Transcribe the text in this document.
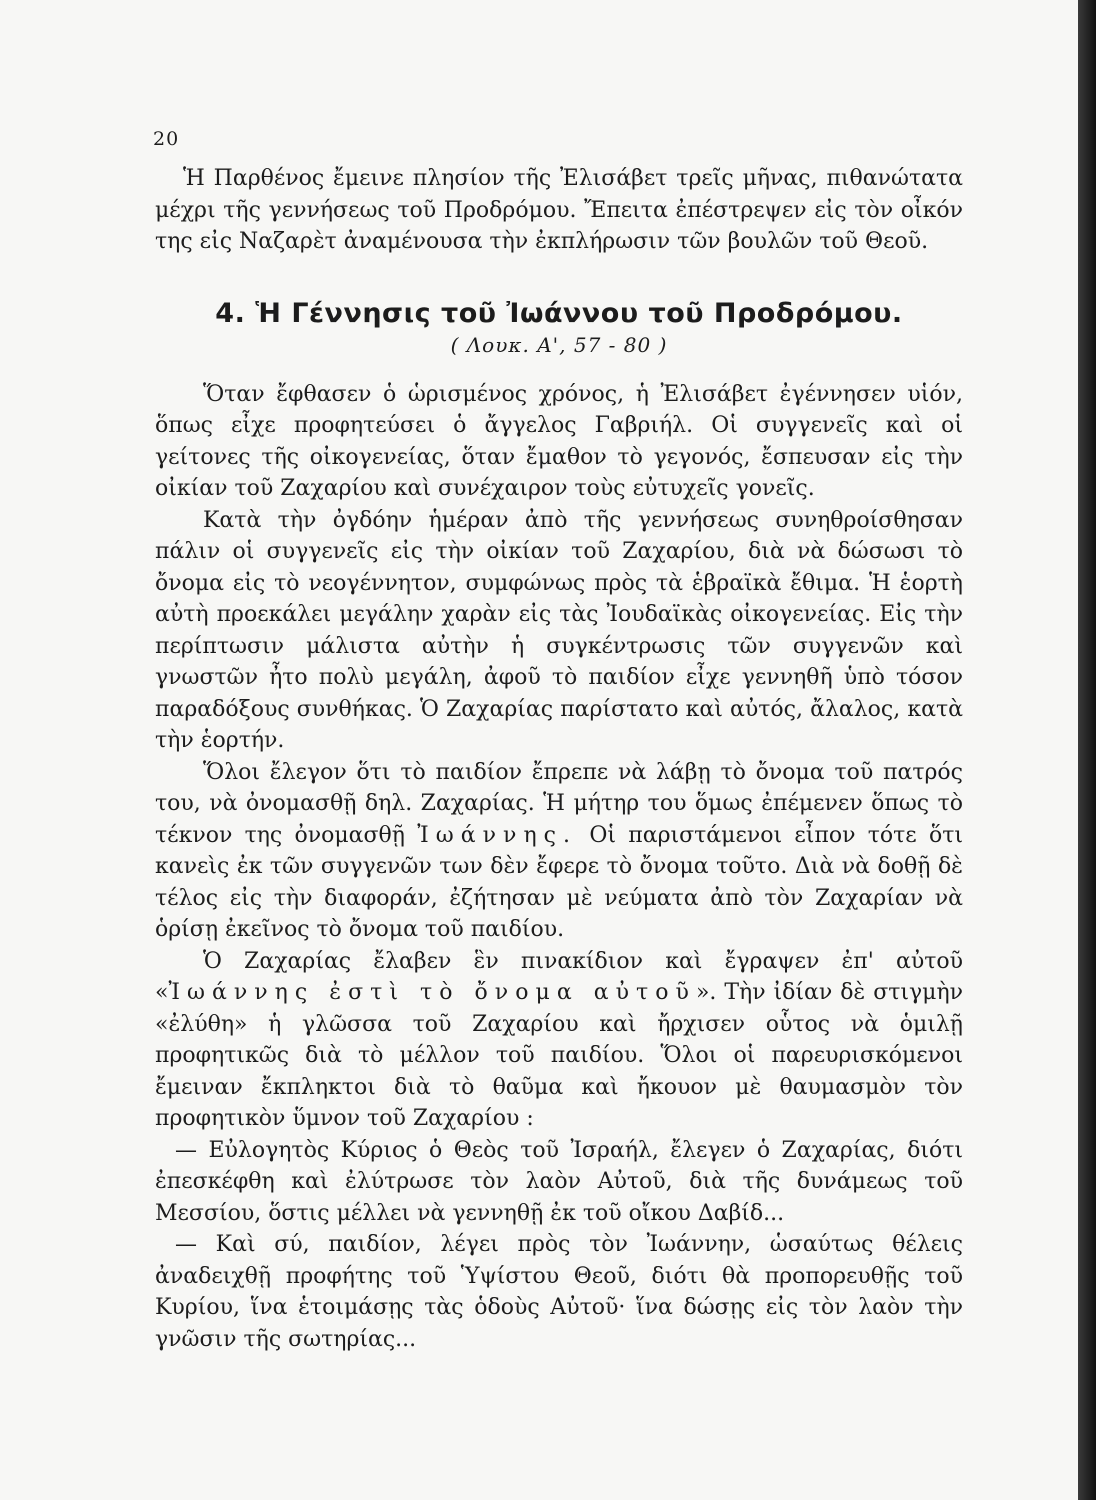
20

Ἡ Παρθένος ἔμεινε πλησίον τῆς Ἐλισάβετ τρεῖς μῆνας, πιθανώτατα μέχρι τῆς γεννήσεως τοῦ Προδρόμου. Ἔπειτα ἐπέστρεψεν εἰς τὸν οἶκόν της εἰς Ναζαρὲτ ἀναμένουσα τὴν ἐκπλήρωσιν τῶν βουλῶν τοῦ Θεοῦ.

4. Ἡ Γέννησις τοῦ Ἰωάννου τοῦ Προδρόμου.
( Λουκ. Α', 57 - 80 )

Ὅταν ἔφθασεν ὁ ὡρισμένος χρόνος, ἡ Ἐλισάβετ ἐγέννησεν υἱόν, ὅπως εἶχε προφητεύσει ὁ ἄγγελος Γαβριήλ. Οἱ συγγενεῖς καὶ οἱ γείτονες τῆς οἰκογενείας, ὅταν ἔμαθον τὸ γεγονός, ἔσπευσαν εἰς τὴν οἰκίαν τοῦ Ζαχαρίου καὶ συνέχαιρον τοὺς εὐτυχεῖς γονεῖς.

Κατὰ τὴν ὀγδόην ἡμέραν ἀπὸ τῆς γεννήσεως συνηθροίσθησαν πάλιν οἱ συγγενεῖς εἰς τὴν οἰκίαν τοῦ Ζαχαρίου, διὰ νὰ δώσωσι τὸ ὄνομα εἰς τὸ νεογέννητον, συμφώνως πρὸς τὰ ἑβραϊκὰ ἔθιμα. Ἡ ἑορτὴ αὐτὴ προεκάλει μεγάλην χαρὰν εἰς τὰς Ἰουδαϊκὰς οἰκογενείας. Εἰς τὴν περίπτωσιν μάλιστα αὐτὴν ἡ συγκέντρωσις τῶν συγγενῶν καὶ γνωστῶν ἦτο πολὺ μεγάλη, ἀφοῦ τὸ παιδίον εἶχε γεννηθῆ ὑπὸ τόσον παραδόξους συνθήκας. Ὁ Ζαχαρίας παρίστατο καὶ αὐτός, ἄλαλος, κατὰ τὴν ἑορτήν.

Ὅλοι ἔλεγον ὅτι τὸ παιδίον ἔπρεπε νὰ λάβῃ τὸ ὄνομα τοῦ πατρός του, νὰ ὀνομασθῇ δηλ. Ζαχαρίας. Ἡ μήτηρ του ὅμως ἐπέμενεν ὅπως τὸ τέκνον της ὀνομασθῇ Ἰωάννης. Οἱ παριστάμενοι εἶπον τότε ὅτι κανεὶς ἐκ τῶν συγγενῶν των δὲν ἔφερε τὸ ὄνομα τοῦτο. Διὰ νὰ δοθῇ δὲ τέλος εἰς τὴν διαφοράν, ἐζήτησαν μὲ νεύματα ἀπὸ τὸν Ζαχαρίαν νὰ ὁρίσῃ ἐκεῖνος τὸ ὄνομα τοῦ παιδίου.

Ὁ Ζαχαρίας ἔλαβεν ἓν πινακίδιον καὶ ἔγραψεν ἐπ' αὐτοῦ «Ἰωάννης ἐστὶ τὸ ὄνομα αὐτοῦ». Τὴν ἰδίαν δὲ στιγμὴν «ἐλύθη» ἡ γλῶσσα τοῦ Ζαχαρίου καὶ ἤρχισεν οὗτος νὰ ὁμιλῇ προφητικῶς διὰ τὸ μέλλον τοῦ παιδίου. Ὅλοι οἱ παρευρισκόμενοι ἔμειναν ἔκπληκτοι διὰ τὸ θαῦμα καὶ ἤκουον μὲ θαυμασμὸν τὸν προφητικὸν ὕμνον τοῦ Ζαχαρίου :

— Εὐλογητὸς Κύριος ὁ Θεὸς τοῦ Ἰσραήλ, ἔλεγεν ὁ Ζαχαρίας, διότι ἐπεσκέφθη καὶ ἐλύτρωσε τὸν λαὸν Αὐτοῦ, διὰ τῆς δυνάμεως τοῦ Μεσσίου, ὅστις μέλλει νὰ γεννηθῇ ἐκ τοῦ οἴκου Δαβίδ...

— Καὶ σύ, παιδίον, λέγει πρὸς τὸν Ἰωάννην, ὡσαύτως θέλεις ἀναδειχθῇ προφήτης τοῦ Ὑψίστου Θεοῦ, διότι θὰ προπορευθῇς τοῦ Κυρίου, ἵνα ἑτοιμάσῃς τὰς ὁδοὺς Αὐτοῦ· ἵνα δώσῃς εἰς τὸν λαὸν τὴν γνῶσιν τῆς σωτηρίας...
